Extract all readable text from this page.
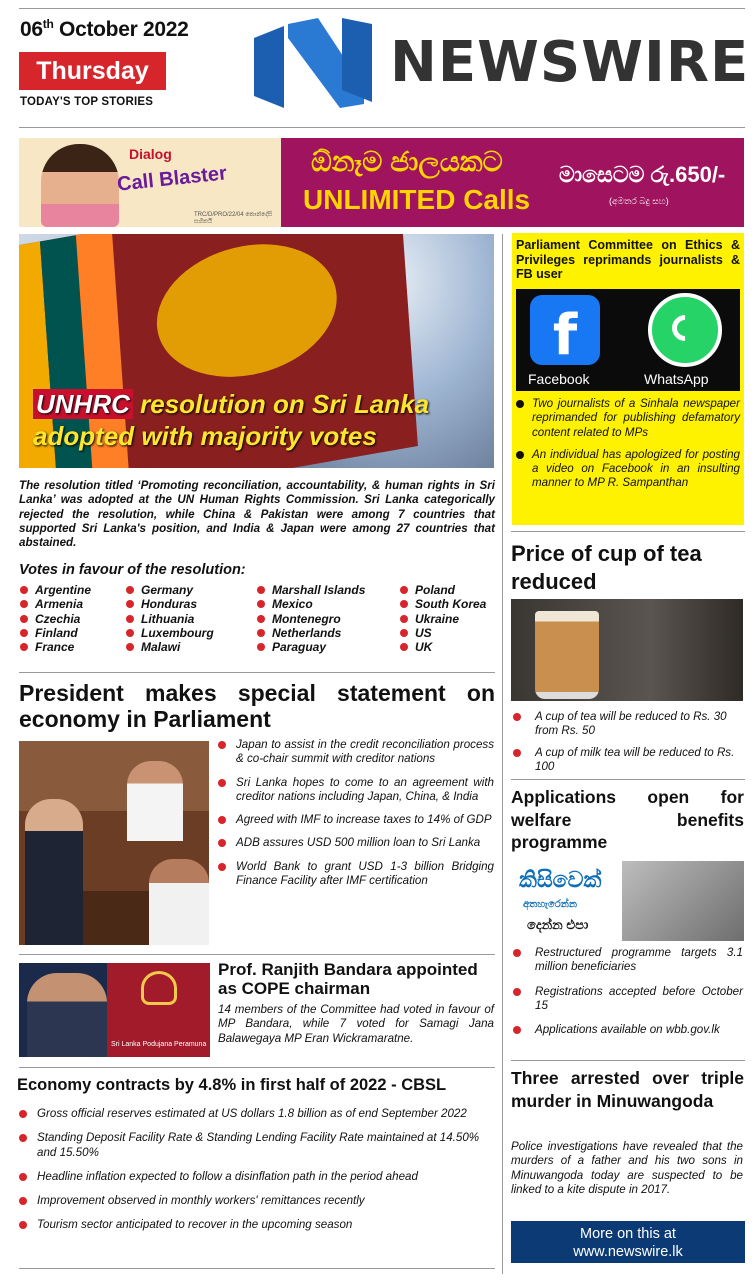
06th October 2022
Thursday
TODAY'S TOP STORIES
NEWSWIRE
Dialog
Call Blaster
TRC/D/PRO/22/04 කොන්දේසි සහිතයි
ඕනෑම ජාලයකට
UNLIMITED Calls
මාසෙටම රු.650/-
(අමතර බදු සහ)
UNHRC resolution on Sri Lanka adopted with majority votes
The resolution titled ‘Promoting reconciliation, accountability, & human rights in Sri Lanka’ was adopted at the UN Human Rights Commission. Sri Lanka categorically rejected the resolution, while China & Pakistan were among 7 countries that supported Sri Lanka's position, and India & Japan were among 27 countries that abstained.
Votes in favour of the resolution:
Argentine
Armenia
Czechia
Finland
France
Germany
Honduras
Lithuania
Luxembourg
Malawi
Marshall Islands
Mexico
Montenegro
Netherlands
Paraguay
Poland
South Korea
Ukraine
US
UK
President makes special statement on economy in Parliament
Japan to assist in the credit reconciliation process & co-chair summit with creditor nations
Sri Lanka hopes to come to an agreement with creditor nations including Japan, China, & India
Agreed with IMF to increase taxes to 14% of GDP
ADB assures USD 500 million loan to Sri Lanka
World Bank to grant USD 1-3 billion Bridging Finance Facility after IMF certification
Sri Lanka Podujana Peramuna
Prof. Ranjith Bandara appointed as COPE chairman
14 members of the Committee had voted in favour of MP Bandara, while 7 voted for Samagi Jana Balawegaya MP Eran Wickramaratne.
Economy contracts by 4.8% in first half of 2022 - CBSL
Gross official reserves estimated at US dollars 1.8 billion as of end September 2022
Standing Deposit Facility Rate & Standing Lending Facility Rate maintained at 14.50% and 15.50%
Headline inflation expected to follow a disinflation path in the period ahead
Improvement observed in monthly workers' remittances recently
Tourism sector anticipated to recover in the upcoming season
Parliament Committee on Ethics & Privileges reprimands journalists & FB user
f
Facebook	WhatsApp
Two journalists of a Sinhala newspaper reprimanded for publishing defamatory content related to MPs
An individual has apologized for posting a video on Facebook in an insulting manner to MP R. Sampanthan
Price of cup of tea reduced
A cup of tea will be reduced to Rs. 30 from Rs. 50
A cup of milk tea will be reduced to Rs. 100
Applications open for welfare benefits programme
කිසිවෙක්
අතහැරෙන්න
දෙන්න එපා
Restructured programme targets 3.1 million beneficiaries
Registrations accepted before October 15
Applications available on wbb.gov.lk
Three arrested over triple murder in Minuwangoda
Police investigations have revealed that the murders of a father and his two sons in Minuwangoda today are suspected to be linked to a kite dispute in 2017.
More on this at
www.newswire.lk
